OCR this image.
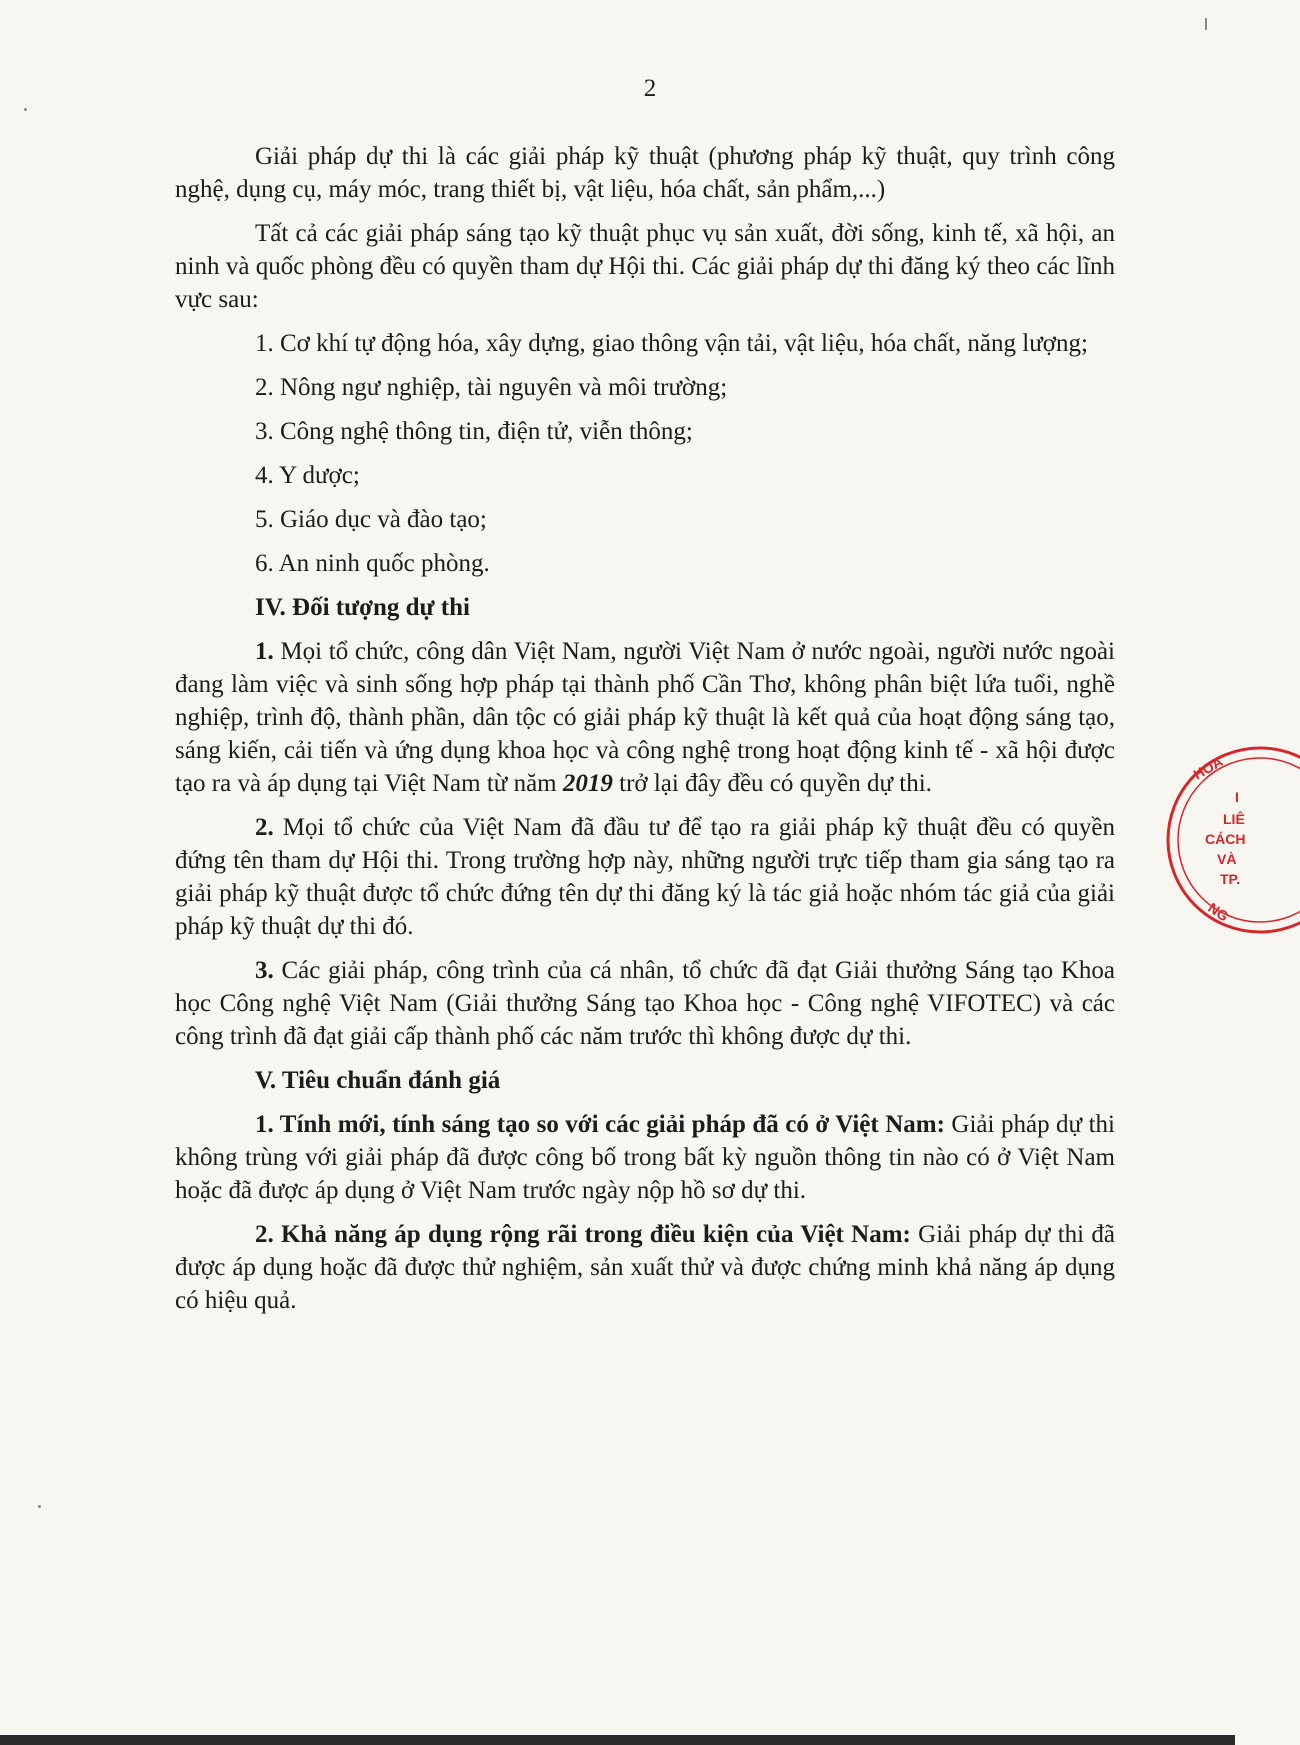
2

Giải pháp dự thi là các giải pháp kỹ thuật (phương pháp kỹ thuật, quy trình công nghệ, dụng cụ, máy móc, trang thiết bị, vật liệu, hóa chất, sản phẩm,...)

Tất cả các giải pháp sáng tạo kỹ thuật phục vụ sản xuất, đời sống, kinh tế, xã hội, an ninh và quốc phòng đều có quyền tham dự Hội thi. Các giải pháp dự thi đăng ký theo các lĩnh vực sau:

1. Cơ khí tự động hóa, xây dựng, giao thông vận tải, vật liệu, hóa chất, năng lượng;

2. Nông ngư nghiệp, tài nguyên và môi trường;

3. Công nghệ thông tin, điện tử, viễn thông;

4. Y dược;

5. Giáo dục và đào tạo;

6. An ninh quốc phòng.

IV. Đối tượng dự thi

1. Mọi tổ chức, công dân Việt Nam, người Việt Nam ở nước ngoài, người nước ngoài đang làm việc và sinh sống hợp pháp tại thành phố Cần Thơ, không phân biệt lứa tuổi, nghề nghiệp, trình độ, thành phần, dân tộc có giải pháp kỹ thuật là kết quả của hoạt động sáng tạo, sáng kiến, cải tiến và ứng dụng khoa học và công nghệ trong hoạt động kinh tế - xã hội được tạo ra và áp dụng tại Việt Nam từ năm 2019 trở lại đây đều có quyền dự thi.

2. Mọi tổ chức của Việt Nam đã đầu tư để tạo ra giải pháp kỹ thuật đều có quyền đứng tên tham dự Hội thi. Trong trường hợp này, những người trực tiếp tham gia sáng tạo ra giải pháp kỹ thuật được tổ chức đứng tên dự thi đăng ký là tác giả hoặc nhóm tác giả của giải pháp kỹ thuật dự thi đó.

3. Các giải pháp, công trình của cá nhân, tổ chức đã đạt Giải thưởng Sáng tạo Khoa học Công nghệ Việt Nam (Giải thưởng Sáng tạo Khoa học - Công nghệ VIFOTEC) và các công trình đã đạt giải cấp thành phố các năm trước thì không được dự thi.

V. Tiêu chuẩn đánh giá

1. Tính mới, tính sáng tạo so với các giải pháp đã có ở Việt Nam: Giải pháp dự thi không trùng với giải pháp đã được công bố trong bất kỳ nguồn thông tin nào có ở Việt Nam hoặc đã được áp dụng ở Việt Nam trước ngày nộp hồ sơ dự thi.

2. Khả năng áp dụng rộng rãi trong điều kiện của Việt Nam: Giải pháp dự thi đã được áp dụng hoặc đã được thử nghiệm, sản xuất thử và được chứng minh khả năng áp dụng có hiệu quả.

HOA
I
LIÊ
CÁCH
VÀ
TP.
NG
